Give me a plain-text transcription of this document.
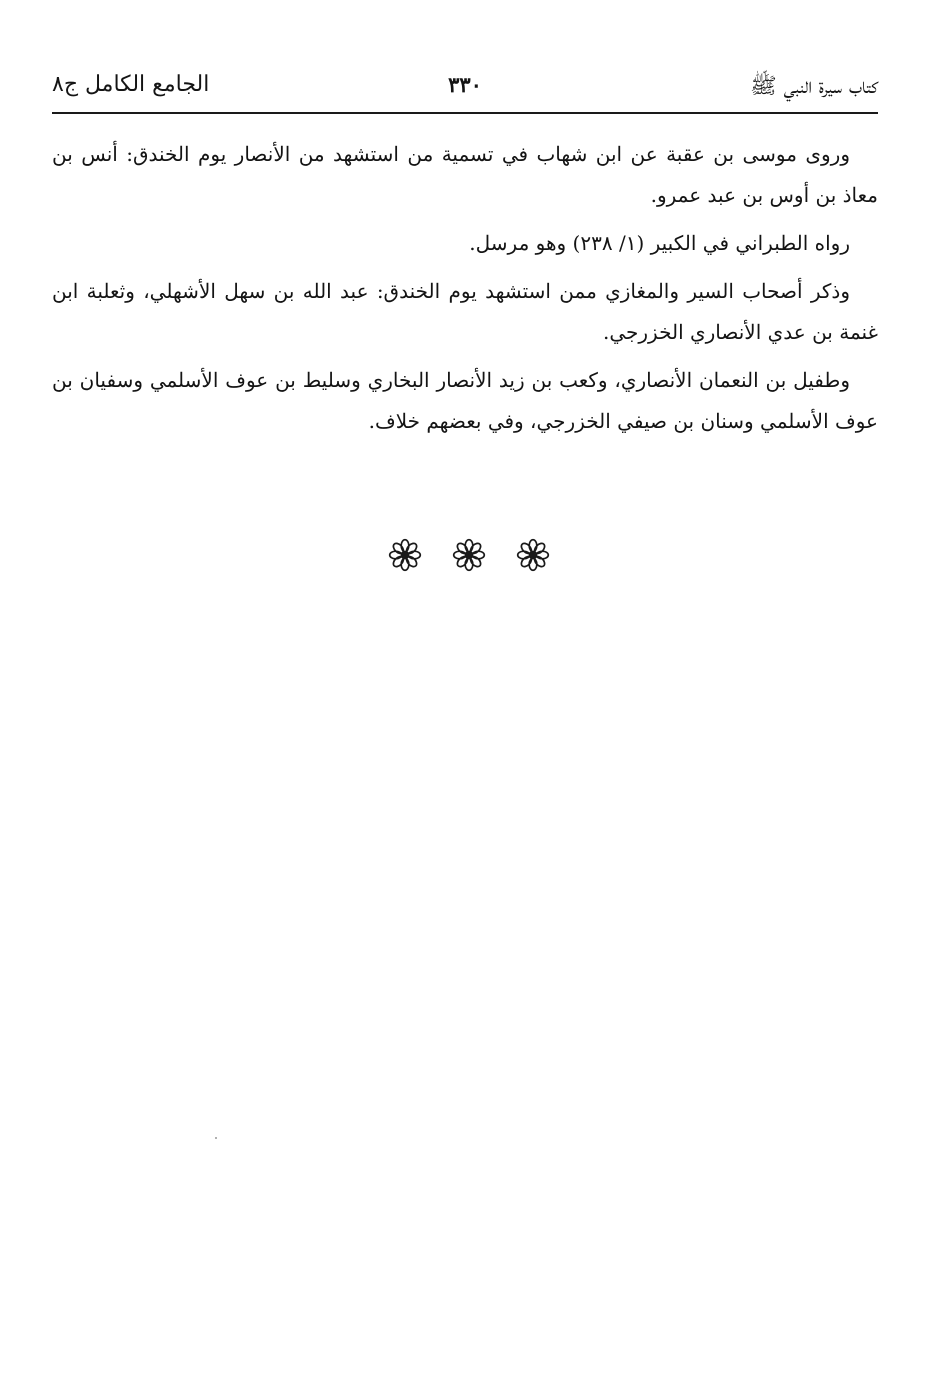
كتاب سيرة النبي ﷺ
٣٣٠
الجامع الكامل ج٨

وروى موسى بن عقبة عن ابن شهاب في تسمية من استشهد من الأنصار يوم الخندق: أنس بن معاذ بن أوس بن عبد عمرو.

رواه الطبراني في الكبير (١/ ٢٣٨) وهو مرسل.

وذكر أصحاب السير والمغازي ممن استشهد يوم الخندق: عبد الله بن سهل الأشهلي، وثعلبة ابن غنمة بن عدي الأنصاري الخزرجي.

وطفيل بن النعمان الأنصاري، وكعب بن زيد الأنصار البخاري وسليط بن عوف الأسلمي وسفيان بن عوف الأسلمي وسنان بن صيفي الخزرجي، وفي بعضهم خلاف.
